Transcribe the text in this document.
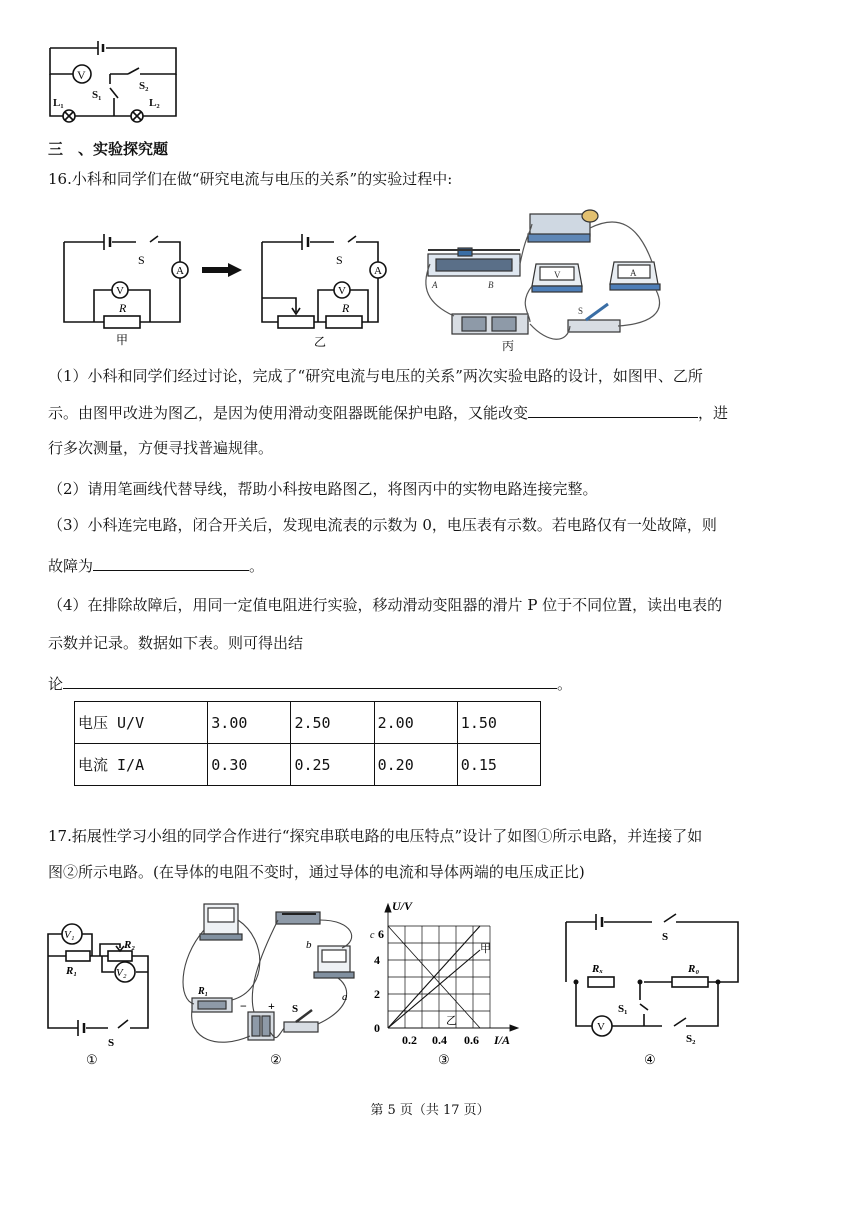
V
S₂
S₁
L₁	L₂
三　、实验探究题
16.小科和同学们在做“研究电流与电压的关系”的实验过程中:
S
A
V
R
甲
S
A
V
R
乙
A	B
V	A
S
丙
（1）小科和同学们经过讨论，完成了“研究电流与电压的关系”两次实验电路的设计，如图甲、乙所
示。由图甲改进为图乙，是因为使用滑动变阻器既能保护电路，又能改变	，进
行多次测量，方便寻找普遍规律。
（2）请用笔画线代替导线，帮助小科按电路图乙，将图丙中的实物电路连接完整。
（3）小科连完电路，闭合开关后，发现电流表的示数为 0，电压表有示数。若电路仅有一处故障，则
故障为	。
（4）在排除故障后，用同一定值电阻进行实验，移动滑动变阻器的滑片 P 位于不同位置，读出电表的
示数并记录。数据如下表。则可得出结
论	。
电压 U/V	3.00	2.50	2.00	1.50
电流 I/A	0.30	0.25	0.20	0.15
17.拓展性学习小组的同学合作进行“探究串联电路的电压特点”设计了如图①所示电路，并连接了如
图②所示电路。(在导体的电阻不变时，通过导体的电流和导体两端的电压成正比)
V₁
V₂
R₁
R₂
S
①
R₁
b
a
S
− +
②
U/V
I/A
0
2
4
6
c
0.2 0.4 0.6
甲
乙
③
S
Rₓ	R₀
S₁
S₂
V
④
第 5 页（共 17 页）
